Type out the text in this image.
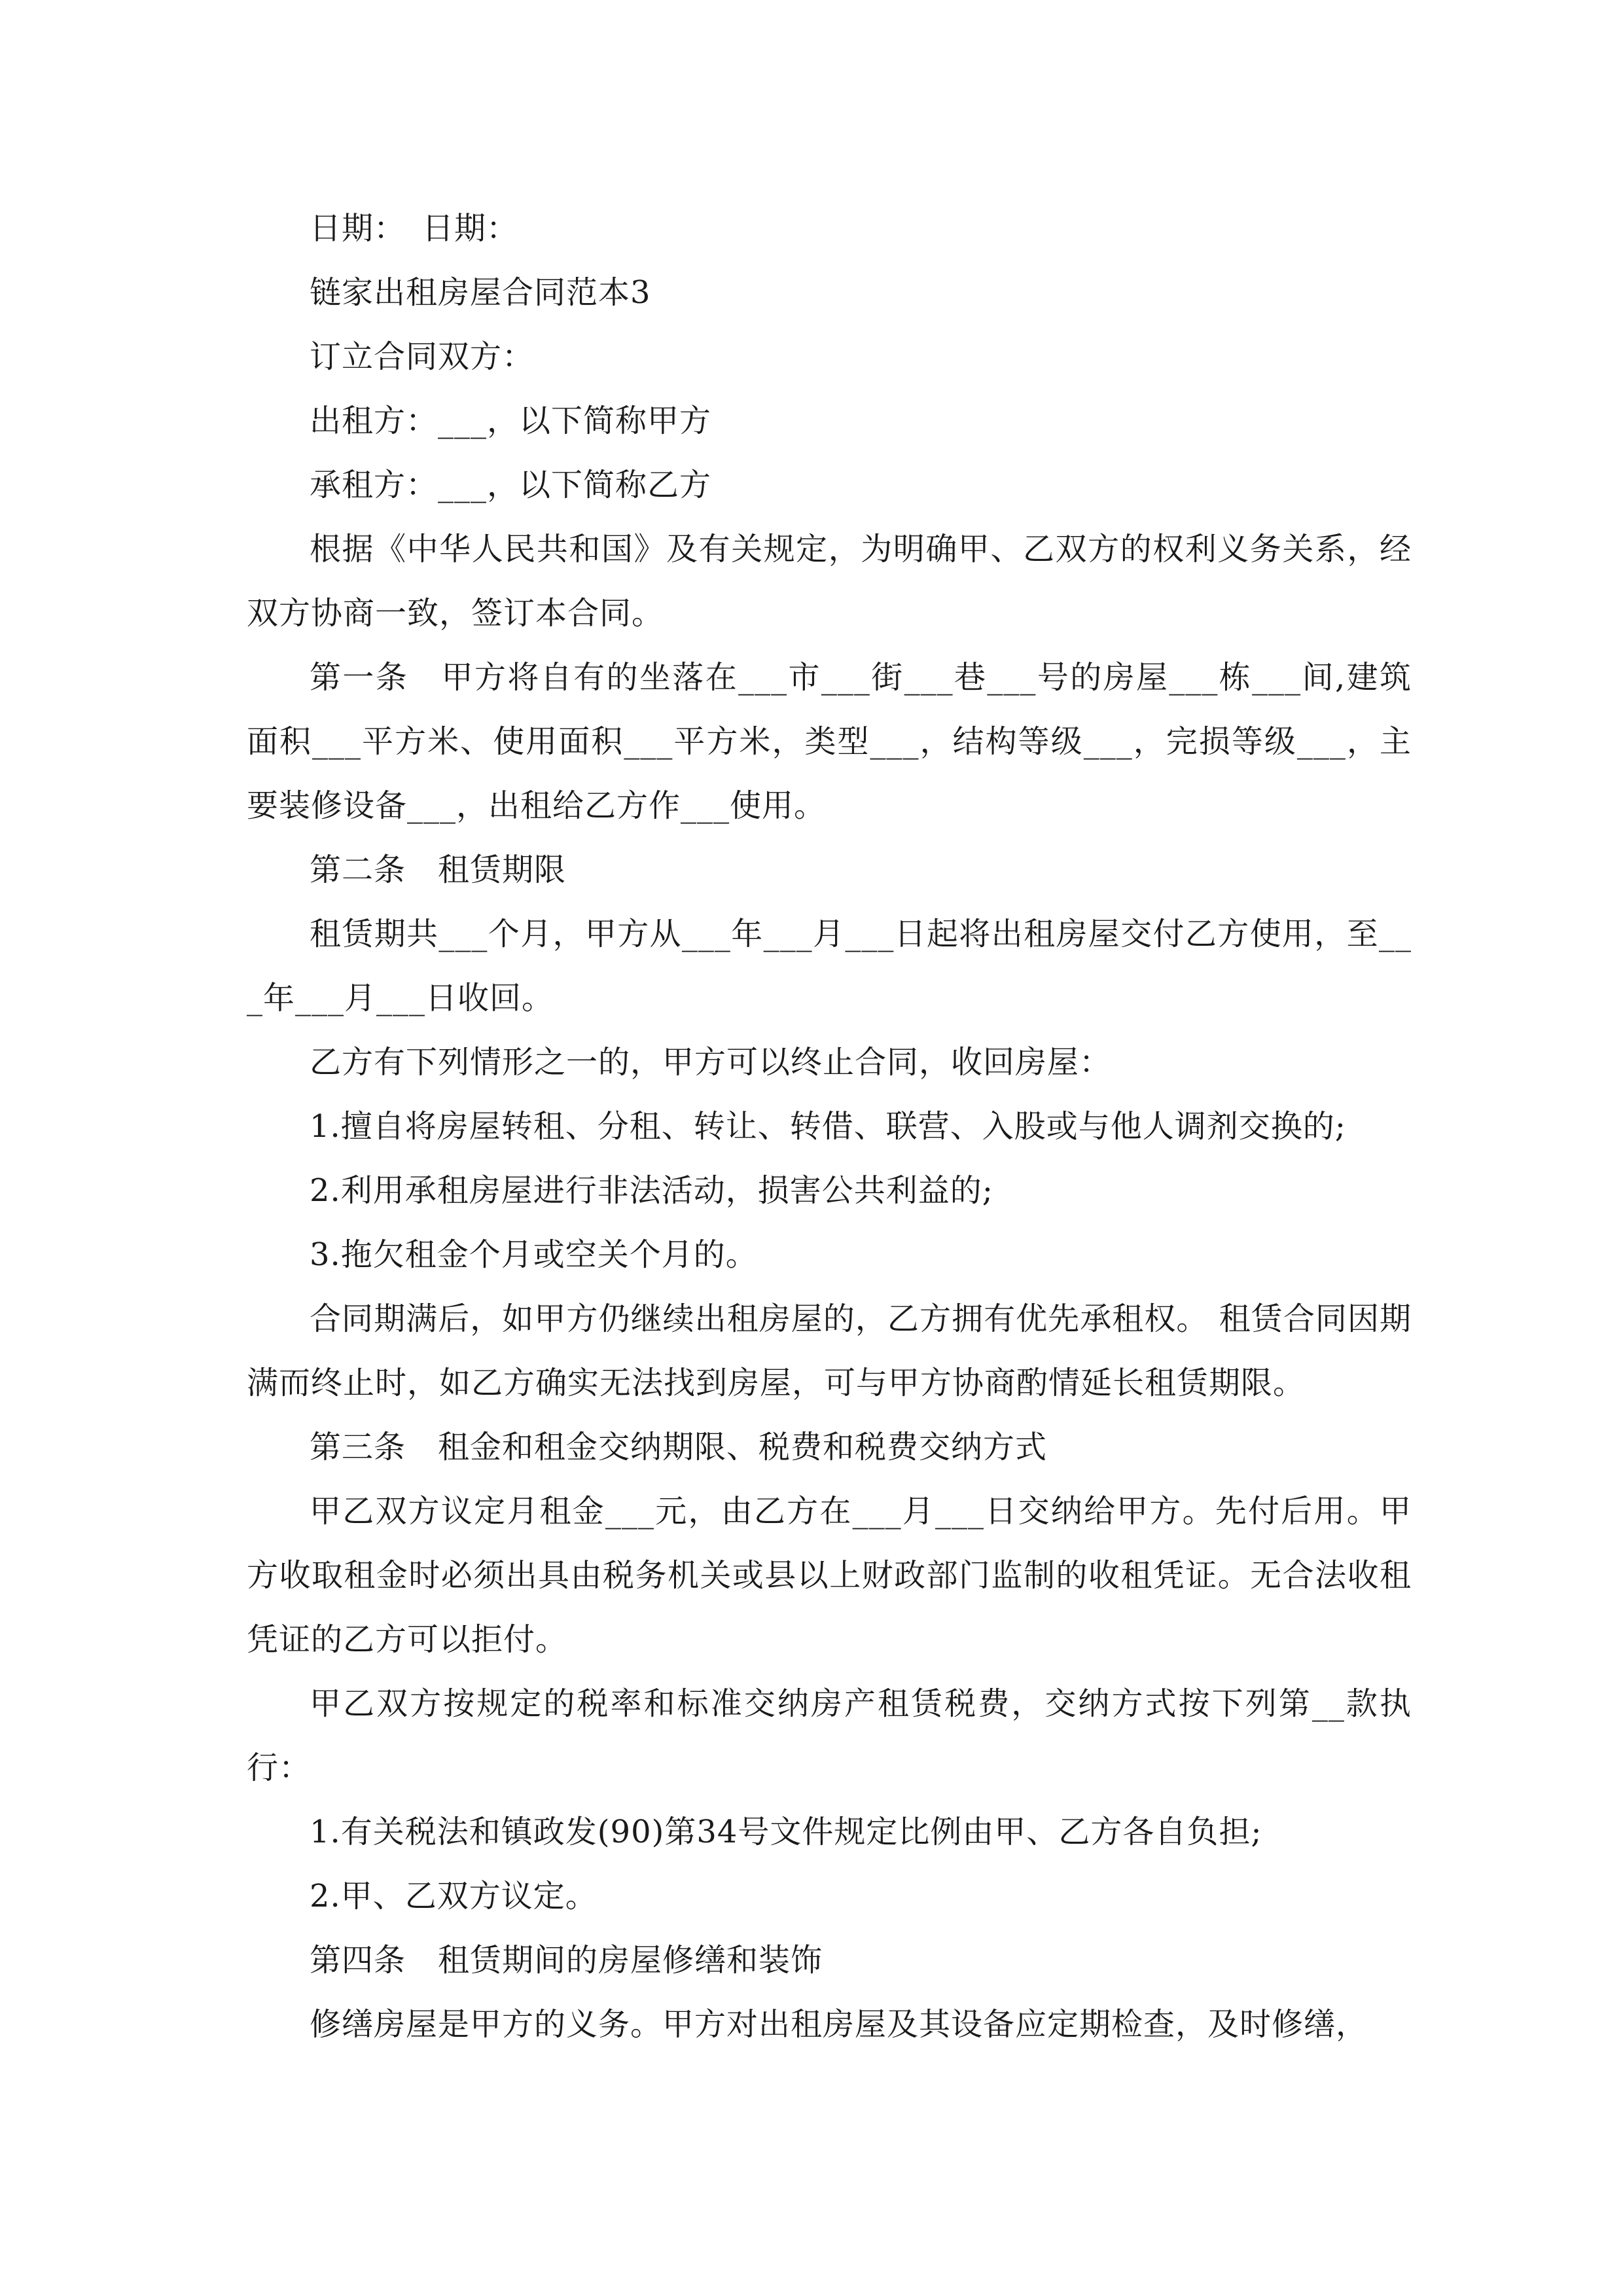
日期：　日期：

链家出租房屋合同范本3

订立合同双方：

出租方：___，以下简称甲方

承租方：___，以下简称乙方

根据《中华人民共和国》及有关规定，为明确甲、乙双方的权利义务关系，经双方协商一致，签订本合同。

第一条　甲方将自有的坐落在___市___街___巷___号的房屋___栋___间,建筑面积___平方米、使用面积___平方米，类型___，结构等级___，完损等级___，主要装修设备___，出租给乙方作___使用。

第二条　租赁期限

租赁期共___个月，甲方从___年___月___日起将出租房屋交付乙方使用，至___年___月___日收回。

乙方有下列情形之一的，甲方可以终止合同，收回房屋：

1.擅自将房屋转租、分租、转让、转借、联营、入股或与他人调剂交换的;

2.利用承租房屋进行非法活动，损害公共利益的;

3.拖欠租金个月或空关个月的。

合同期满后，如甲方仍继续出租房屋的，乙方拥有优先承租权。 租赁合同因期满而终止时，如乙方确实无法找到房屋，可与甲方协商酌情延长租赁期限。

第三条　租金和租金交纳期限、税费和税费交纳方式

甲乙双方议定月租金___元，由乙方在___月___日交纳给甲方。先付后用。甲方收取租金时必须出具由税务机关或县以上财政部门监制的收租凭证。无合法收租凭证的乙方可以拒付。

甲乙双方按规定的税率和标准交纳房产租赁税费，交纳方式按下列第__款执行：

1.有关税法和镇政发(90)第34号文件规定比例由甲、乙方各自负担;

2.甲、乙双方议定。

第四条　租赁期间的房屋修缮和装饰

修缮房屋是甲方的义务。甲方对出租房屋及其设备应定期检查，及时修缮，
